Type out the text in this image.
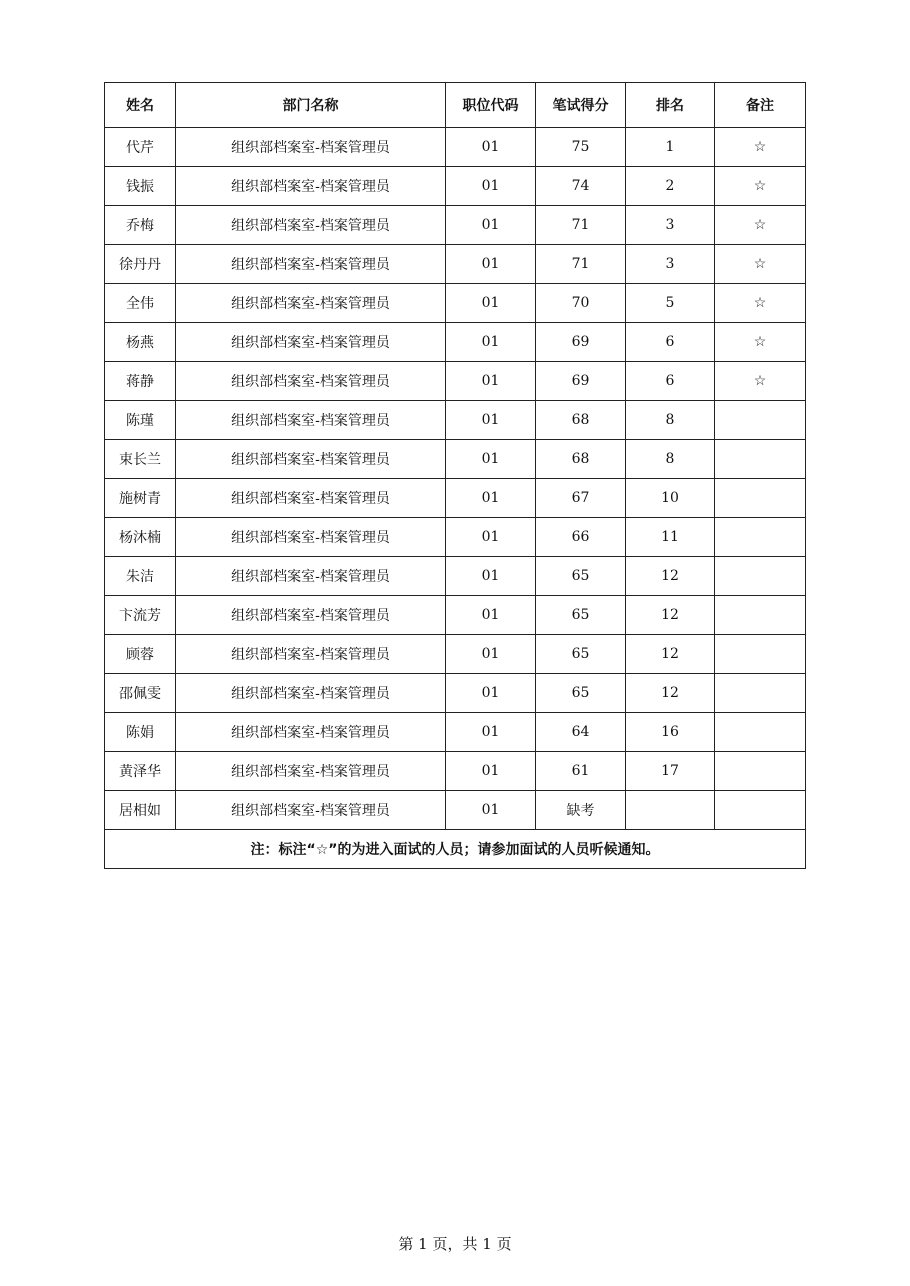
姓名	部门名称	职位代码	笔试得分	排名	备注
代芹	组织部档案室-档案管理员	01	75	1	☆
钱振	组织部档案室-档案管理员	01	74	2	☆
乔梅	组织部档案室-档案管理员	01	71	3	☆
徐丹丹	组织部档案室-档案管理员	01	71	3	☆
全伟	组织部档案室-档案管理员	01	70	5	☆
杨燕	组织部档案室-档案管理员	01	69	6	☆
蒋静	组织部档案室-档案管理员	01	69	6	☆
陈瑾	组织部档案室-档案管理员	01	68	8	
束长兰	组织部档案室-档案管理员	01	68	8	
施树青	组织部档案室-档案管理员	01	67	10	
杨沐楠	组织部档案室-档案管理员	01	66	11	
朱洁	组织部档案室-档案管理员	01	65	12	
卞流芳	组织部档案室-档案管理员	01	65	12	
顾蓉	组织部档案室-档案管理员	01	65	12	
邵佩雯	组织部档案室-档案管理员	01	65	12	
陈娟	组织部档案室-档案管理员	01	64	16	
黄泽华	组织部档案室-档案管理员	01	61	17	
居相如	组织部档案室-档案管理员	01	缺考		
注：标注“☆”的为进入面试的人员；请参加面试的人员听候通知。					
第 1 页，共 1 页
